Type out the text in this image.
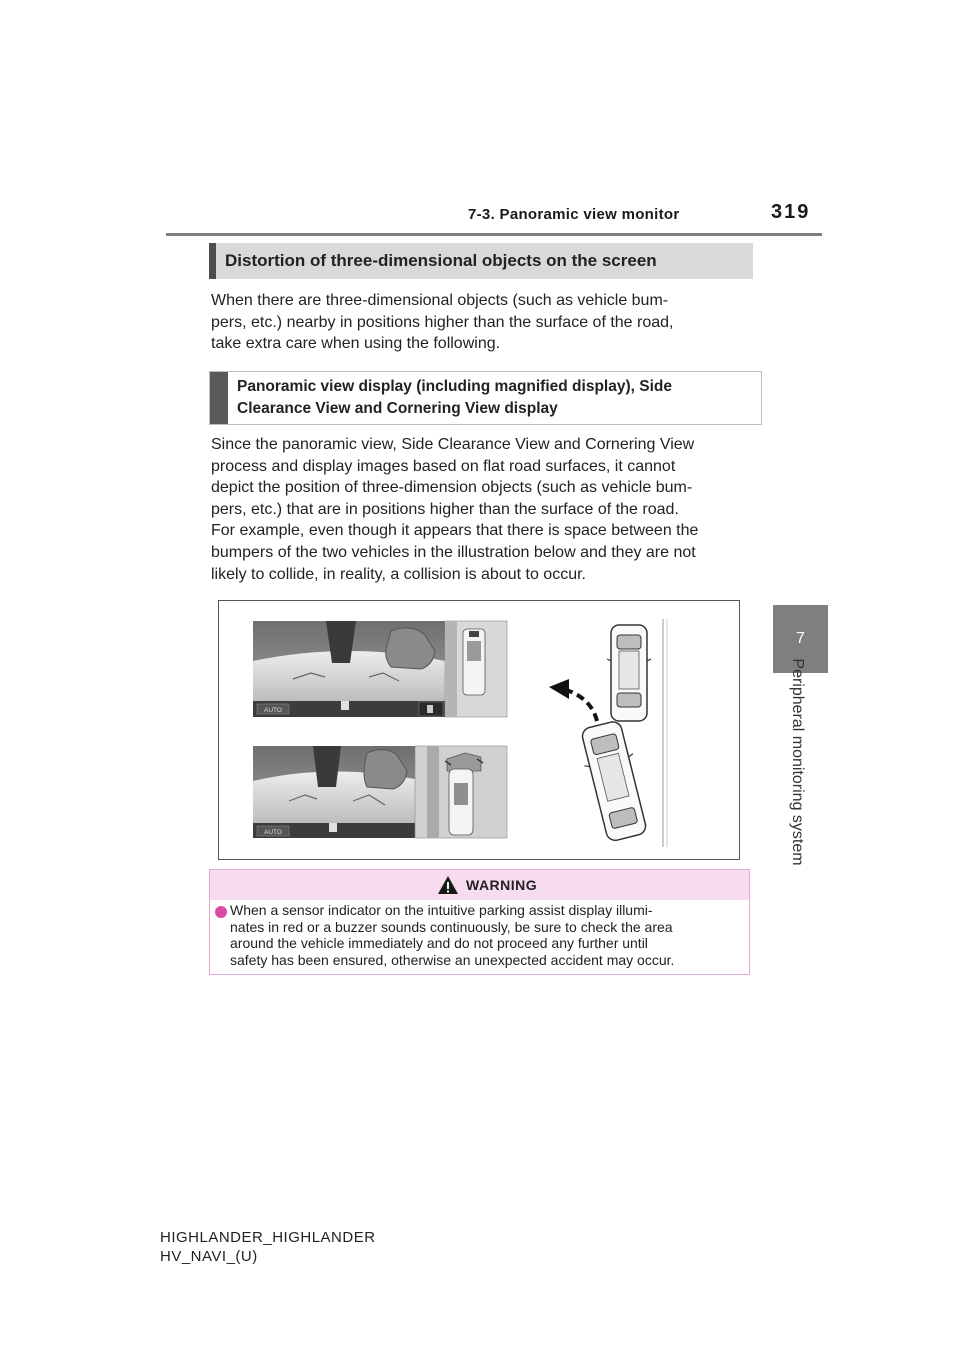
7-3. Panoramic view monitor	319
7
Peripheral monitoring system
Distortion of three-dimensional objects on the screen
When there are three-dimensional objects (such as vehicle bum-
pers, etc.) nearby in positions higher than the surface of the road,
take extra care when using the following.
Panoramic view display (including magnified display), Side
Clearance View and Cornering View display
Since the panoramic view, Side Clearance View and Cornering View
process and display images based on flat road surfaces, it cannot
depict the position of three-dimension objects (such as vehicle bum-
pers, etc.) that are in positions higher than the surface of the road.
For example, even though it appears that there is space between the
bumpers of the two vehicles in the illustration below and they are not
likely to collide, in reality, a collision is about to occur.
AUTO
AUTO
WARNING
When a sensor indicator on the intuitive parking assist display illumi-
nates in red or a buzzer sounds continuously, be sure to check the area
around the vehicle immediately and do not proceed any further until
safety has been ensured, otherwise an unexpected accident may occur.
HIGHLANDER_HIGHLANDER
HV_NAVI_(U)
